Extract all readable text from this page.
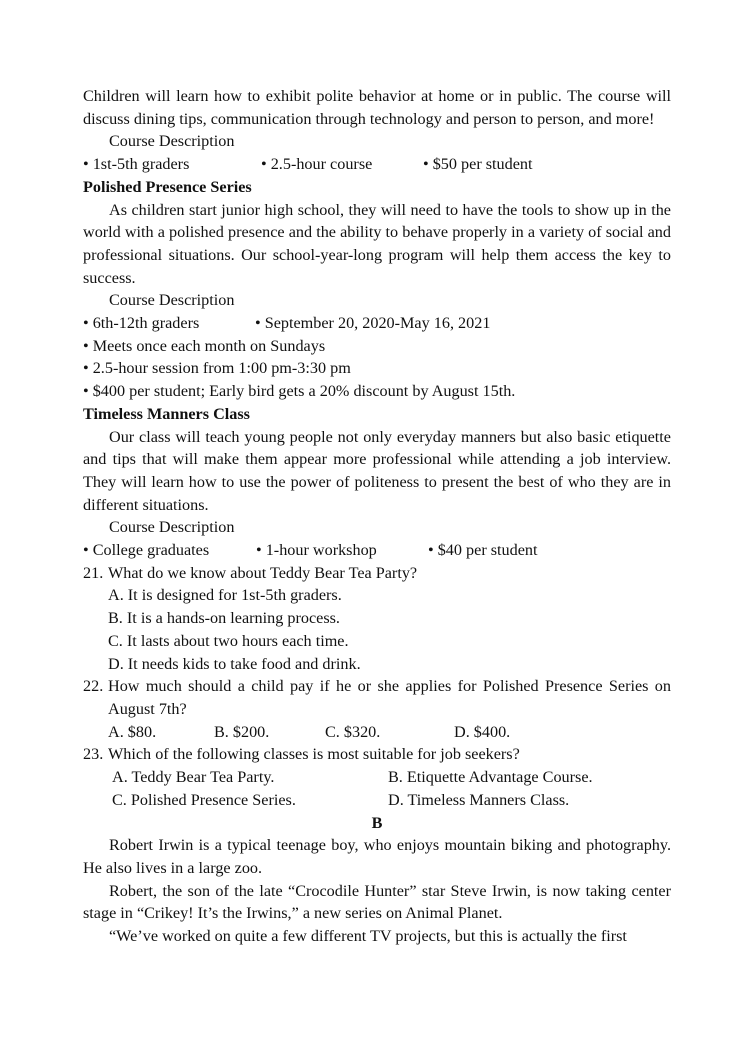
Children will learn how to exhibit polite behavior at home or in public. The course will discuss dining tips, communication through technology and person to person, and more!

Course Description

• 1st-5th graders	• 2.5-hour course	• $50 per student

Polished Presence Series

As children start junior high school, they will need to have the tools to show up in the world with a polished presence and the ability to behave properly in a variety of social and professional situations. Our school-year-long program will help them access the key to success.

Course Description

• 6th-12th graders	• September 20, 2020-May 16, 2021

• Meets once each month on Sundays

• 2.5-hour session from 1:00 pm-3:30 pm

• $400 per student; Early bird gets a 20% discount by August 15th.

Timeless Manners Class

Our class will teach young people not only everyday manners but also basic etiquette and tips that will make them appear more professional while attending a job interview. They will learn how to use the power of politeness to present the best of who they are in different situations.

Course Description

• College graduates	• 1-hour workshop	• $40 per student
21. What do we know about Teddy Bear Tea Party?

A. It is designed for 1st-5th graders.

B. It is a hands-on learning process.

C. It lasts about two hours each time.

D. It needs kids to take food and drink.

22. How much should a child pay if he or she applies for Polished Presence Series on August 7th?
A. $80.	B. $200.	C. $320.	D. $400.
23. Which of the following classes is most suitable for job seekers?
A. Teddy Bear Tea Party.	B. Etiquette Advantage Course.
C. Polished Presence Series.	D. Timeless Manners Class.

B

Robert Irwin is a typical teenage boy, who enjoys mountain biking and photography. He also lives in a large zoo.

Robert, the son of the late “Crocodile Hunter” star Steve Irwin, is now taking center stage in “Crikey! It’s the Irwins,” a new series on Animal Planet.

“We’ve worked on quite a few different TV projects, but this is actually the first
